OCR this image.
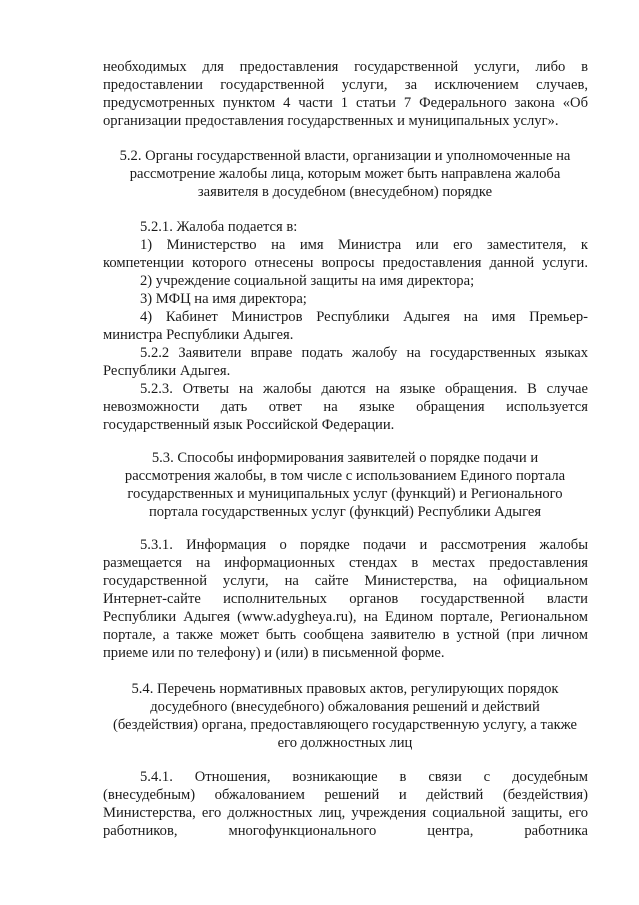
необходимых для предоставления государственной услуги, либо в
предоставлении государственной услуги, за исключением случаев,
предусмотренных пунктом 4 части 1 статьи 7 Федерального закона «Об
организации предоставления государственных и муниципальных услуг».
5.2. Органы государственной власти, организации и уполномоченные на
рассмотрение жалобы лица, которым может быть направлена жалоба
заявителя в досудебном (внесудебном) порядке
5.2.1. Жалоба подается в:
1) Министерство на имя Министра или его заместителя, к
компетенции которого отнесены вопросы предоставления данной услуги.
2) учреждение социальной защиты на имя директора;
3) МФЦ на имя директора;
4) Кабинет Министров Республики Адыгея на имя Премьер-
министра Республики Адыгея.
5.2.2 Заявители вправе подать жалобу на государственных языках
Республики Адыгея.
5.2.3. Ответы на жалобы даются на языке обращения. В случае
невозможности дать ответ на языке обращения используется
государственный язык Российской Федерации.
5.3. Способы информирования заявителей о порядке подачи и
рассмотрения жалобы, в том числе с использованием Единого портала
государственных и муниципальных услуг (функций) и Регионального
портала государственных услуг (функций) Республики Адыгея
5.3.1. Информация о порядке подачи и рассмотрения жалобы
размещается на информационных стендах в местах предоставления
государственной услуги, на сайте Министерства, на официальном
Интернет-сайте исполнительных органов государственной власти
Республики Адыгея (www.adygheya.ru), на Едином портале, Региональном
портале, а также может быть сообщена заявителю в устной (при личном
приеме или по телефону) и (или) в письменной форме.
5.4. Перечень нормативных правовых актов, регулирующих порядок
досудебного (внесудебного) обжалования решений и действий
(бездействия) органа, предоставляющего государственную услугу, а также
его должностных лиц
5.4.1. Отношения, возникающие в связи с досудебным
(внесудебным) обжалованием решений и действий (бездействия)
Министерства, его должностных лиц, учреждения социальной защиты, его
работников, многофункционального центра, работника
